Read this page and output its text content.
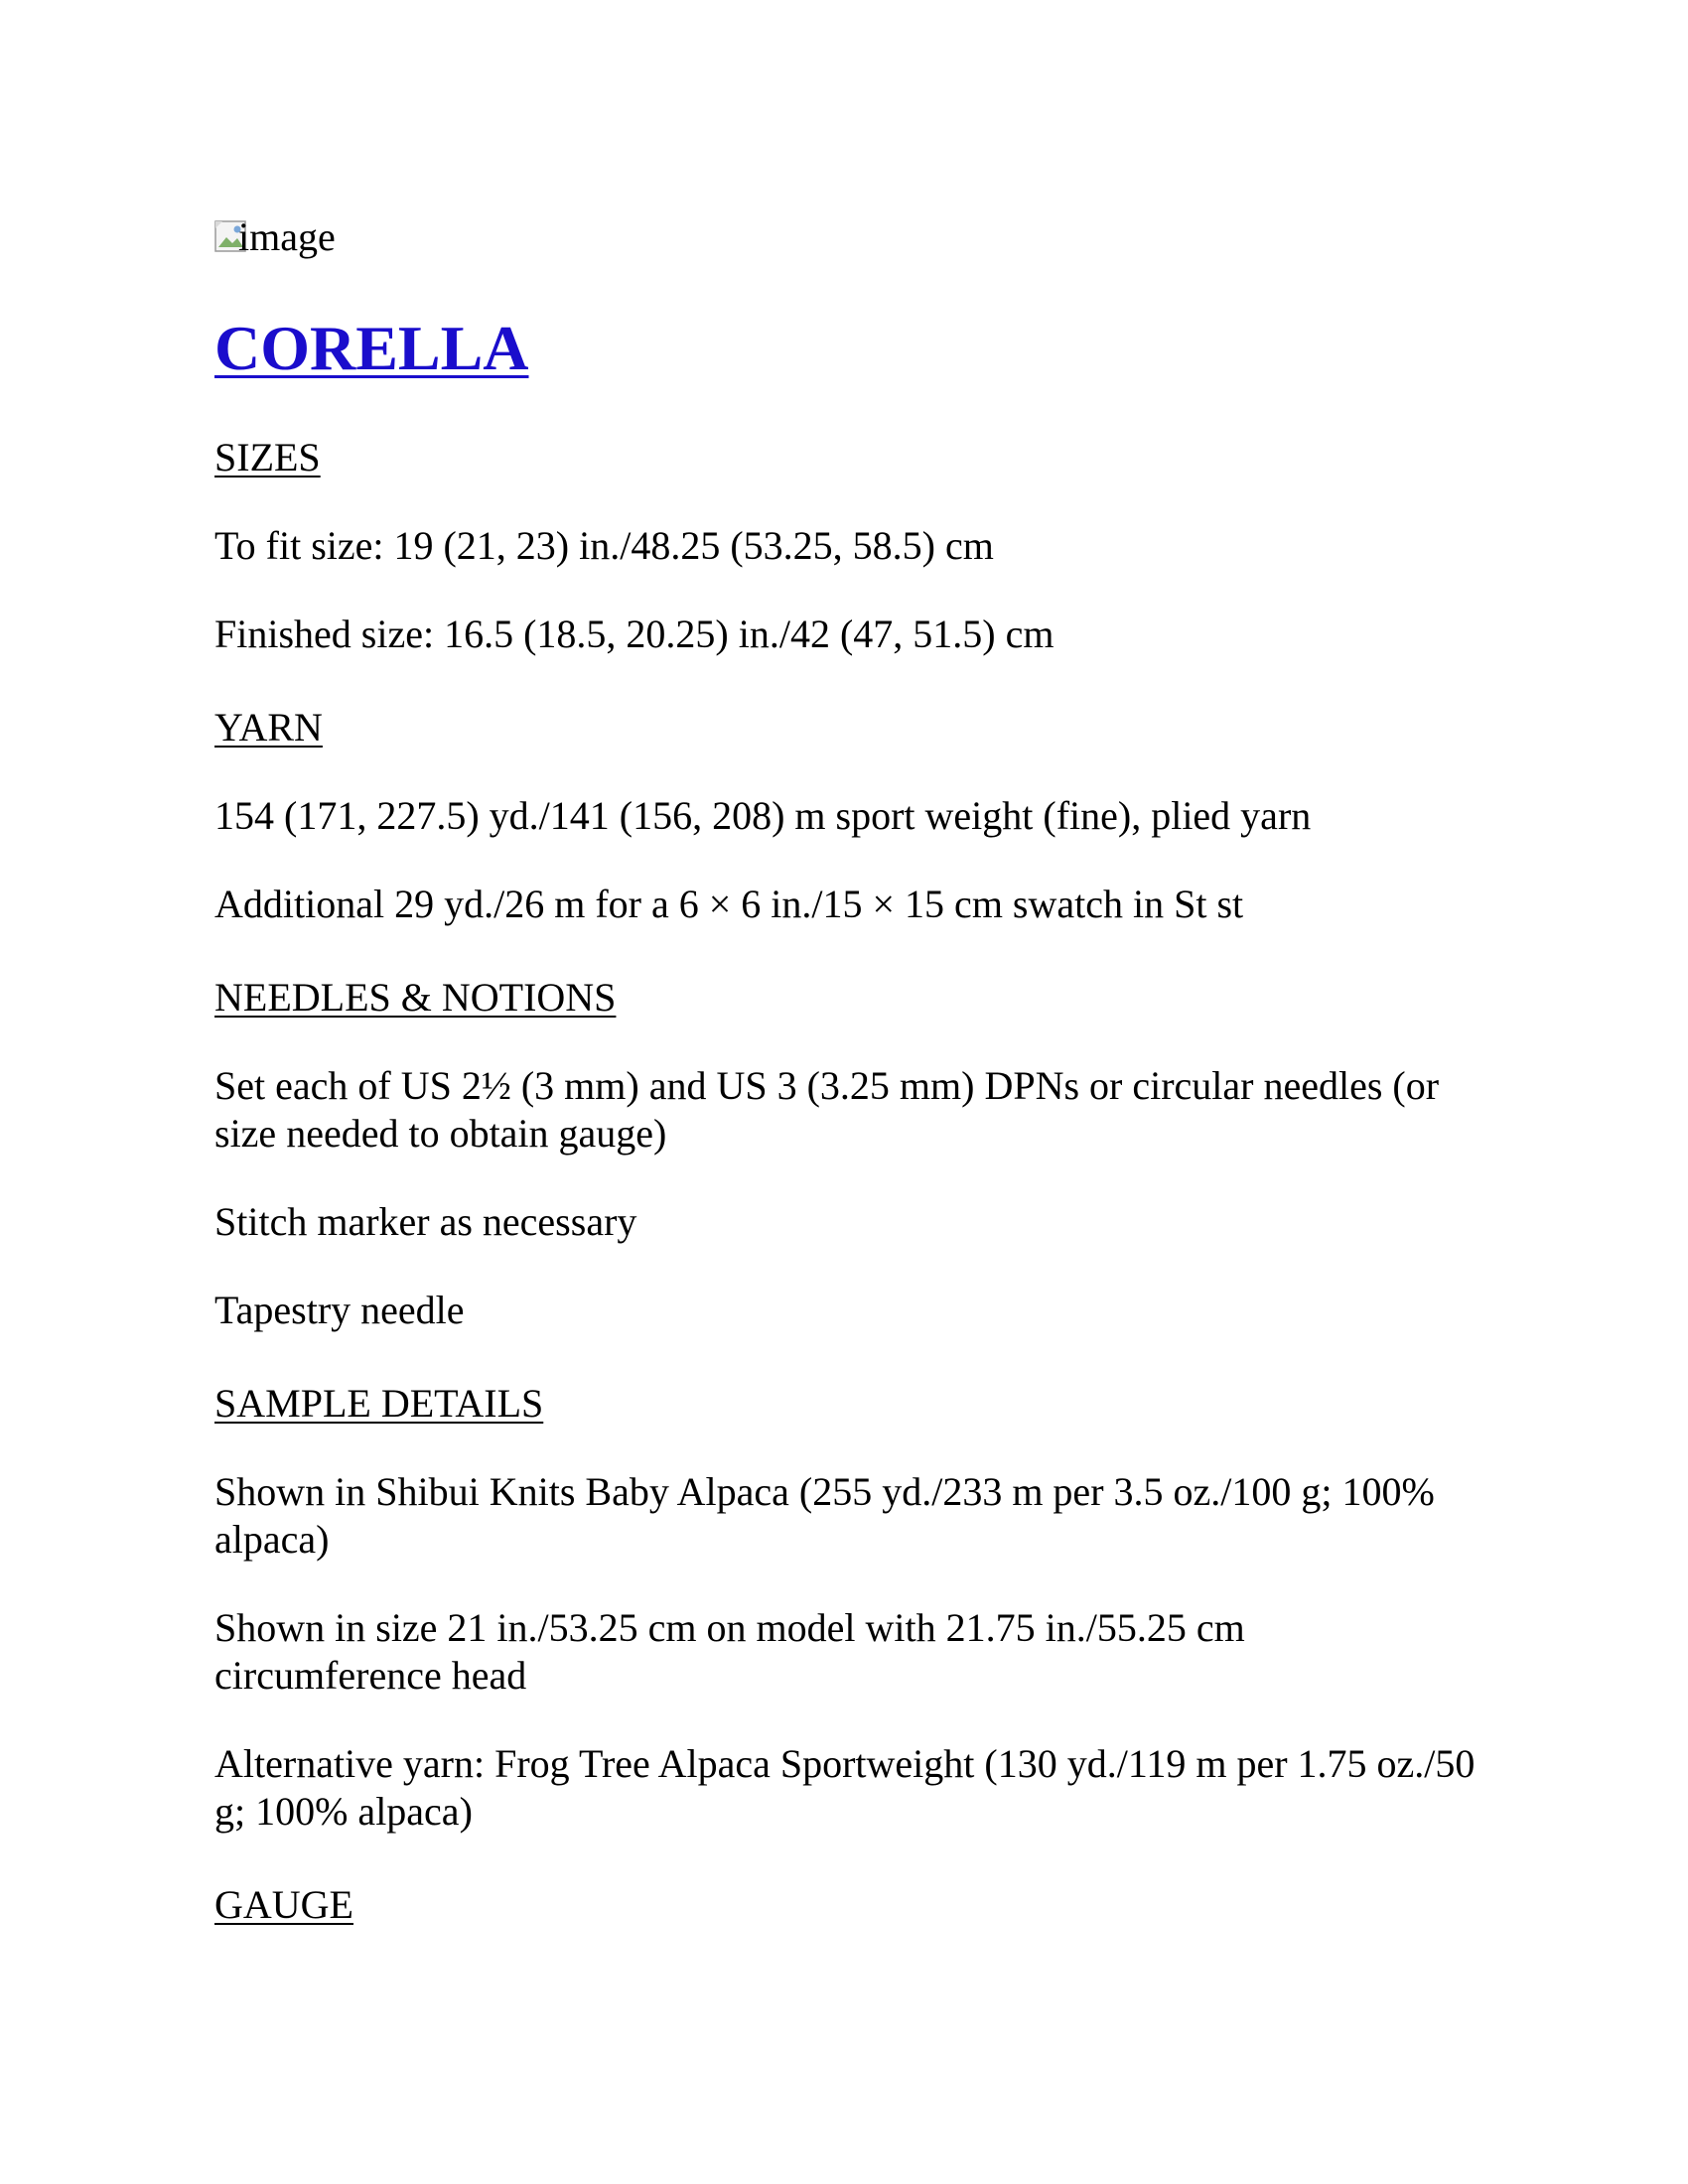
image
CORELLA
SIZES

To fit size: 19 (21, 23) in./48.25 (53.25, 58.5) cm

Finished size: 16.5 (18.5, 20.25) in./42 (47, 51.5) cm

YARN

154 (171, 227.5) yd./141 (156, 208) m sport weight (fine), plied yarn

Additional 29 yd./26 m for a 6 × 6 in./15 × 15 cm swatch in St st

NEEDLES & NOTIONS

Set each of US 2½ (3 mm) and US 3 (3.25 mm) DPNs or circular needles (or size needed to obtain gauge)

Stitch marker as necessary

Tapestry needle

SAMPLE DETAILS

Shown in Shibui Knits Baby Alpaca (255 yd./233 m per 3.5 oz./100 g; 100% alpaca)

Shown in size 21 in./53.25 cm on model with 21.75 in./55.25 cm circumference head

Alternative yarn: Frog Tree Alpaca Sportweight (130 yd./119 m per 1.75 oz./50 g; 100% alpaca)

GAUGE
